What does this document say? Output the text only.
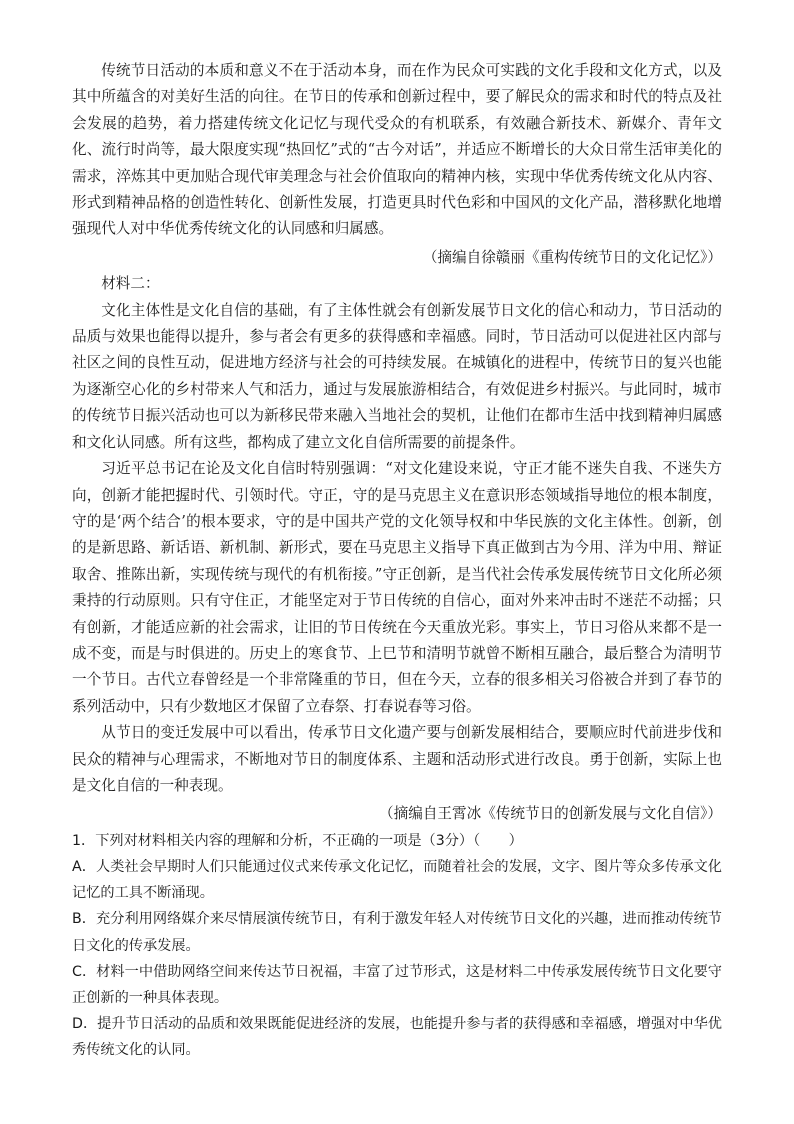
传统节日活动的本质和意义不在于活动本身，而在作为民众可实践的文化手段和文化方式，以及其中所蕴含的对美好生活的向往。在节日的传承和创新过程中，要了解民众的需求和时代的特点及社会发展的趋势，着力搭建传统文化记忆与现代受众的有机联系，有效融合新技术、新媒介、青年文化、流行时尚等，最大限度实现“热回忆”式的“古今对话”，并适应不断增长的大众日常生活审美化的需求，淬炼其中更加贴合现代审美理念与社会价值取向的精神内核，实现中华优秀传统文化从内容、形式到精神品格的创造性转化、创新性发展，打造更具时代色彩和中国风的文化产品，潜移默化地增强现代人对中华优秀传统文化的认同感和归属感。

（摘编自徐赣丽《重构传统节日的文化记忆》）

材料二：

文化主体性是文化自信的基础，有了主体性就会有创新发展节日文化的信心和动力，节日活动的品质与效果也能得以提升，参与者会有更多的获得感和幸福感。同时，节日活动可以促进社区内部与社区之间的良性互动，促进地方经济与社会的可持续发展。在城镇化的进程中，传统节日的复兴也能为逐渐空心化的乡村带来人气和活力，通过与发展旅游相结合，有效促进乡村振兴。与此同时，城市的传统节日振兴活动也可以为新移民带来融入当地社会的契机，让他们在都市生活中找到精神归属感和文化认同感。所有这些，都构成了建立文化自信所需要的前提条件。

习近平总书记在论及文化自信时特别强调：“对文化建设来说，守正才能不迷失自我、不迷失方向，创新才能把握时代、引领时代。守正，守的是马克思主义在意识形态领域指导地位的根本制度，守的是‘两个结合’的根本要求，守的是中国共产党的文化领导权和中华民族的文化主体性。创新，创的是新思路、新话语、新机制、新形式，要在马克思主义指导下真正做到古为今用、洋为中用、辩证取舍、推陈出新，实现传统与现代的有机衔接。”守正创新，是当代社会传承发展传统节日文化所必须秉持的行动原则。只有守住正，才能坚定对于节日传统的自信心，面对外来冲击时不迷茫不动摇；只有创新，才能适应新的社会需求，让旧的节日传统在今天重放光彩。事实上，节日习俗从来都不是一成不变，而是与时俱进的。历史上的寒食节、上巳节和清明节就曾不断相互融合，最后整合为清明节一个节日。古代立春曾经是一个非常隆重的节日，但在今天，立春的很多相关习俗被合并到了春节的系列活动中，只有少数地区才保留了立春祭、打春说春等习俗。

从节日的变迁发展中可以看出，传承节日文化遗产要与创新发展相结合，要顺应时代前进步伐和民众的精神与心理需求，不断地对节日的制度体系、主题和活动形式进行改良。勇于创新，实际上也是文化自信的一种表现。

（摘编自王霄冰《传统节日的创新发展与文化自信》）

1．下列对材料相关内容的理解和分析，不正确的一项是（3分）（　　）

A．人类社会早期时人们只能通过仪式来传承文化记忆，而随着社会的发展，文字、图片等众多传承文化记忆的工具不断涌现。

B．充分利用网络媒介来尽情展演传统节日，有利于激发年轻人对传统节日文化的兴趣，进而推动传统节日文化的传承发展。

C．材料一中借助网络空间来传达节日祝福，丰富了过节形式，这是材料二中传承发展传统节日文化要守正创新的一种具体表现。

D．提升节日活动的品质和效果既能促进经济的发展，也能提升参与者的获得感和幸福感，增强对中华优秀传统文化的认同。
